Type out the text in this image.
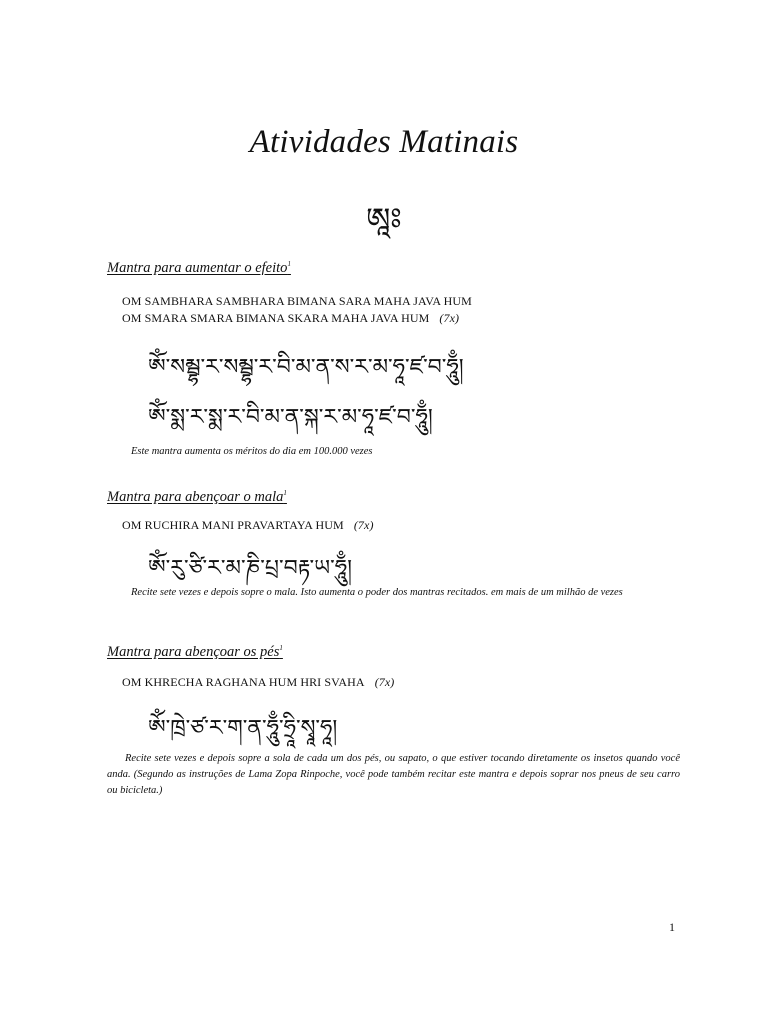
Atividades Matinais
ཨཱཿ
Mantra para aumentar o efeito$^1$
OM SAMBHARA SAMBHARA BIMANA SARA MAHA JAVA HUM
OM SMARA SMARA BIMANA SKARA MAHA JAVA HUM (7x)
ཨོཾ་སམྦྷ་ར་སམྦྷ་ར་བི་མ་ན་ས་ར་མ་ཧཱ་ཛ་བ་ཧཱུྃ།
ཨོཾ་སྨ་ར་སྨ་ར་བི་མ་ན་སྐ་ར་མ་ཧཱ་ཛ་བ་ཧཱུྃ།
Este mantra aumenta os méritos do dia em 100.000 vezes
Mantra para abençoar o mala$^1$
OM RUCHIRA MANI PRAVARTAYA HUM (7x)
ཨོཾ་རུ་ཙི་ར་མ་ཎི་པྲ་བརྟ་ཡ་ཧཱུྃ།
Recite sete vezes e depois sopre o mala. Isto aumenta o poder dos mantras recitados. em mais de um milhão de vezes
Mantra para abençoar os pés$^1$
OM KHRECHA RAGHANA HUM HRI SVAHA (7x)
ཨོཾ་ཁྲེ་ཙ་ར་ག་ན་ཧཱུྃ་ཧྲཱི་སྭཱ་ཧཱ།
Recite sete vezes e depois sopre a sola de cada um dos pés, ou sapato, o que estiver tocando diretamente os insetos quando você anda. (Segundo as instruções de Lama Zopa Rinpoche, você pode também recitar este mantra e depois soprar nos pneus de seu carro ou bicicleta.)
1
